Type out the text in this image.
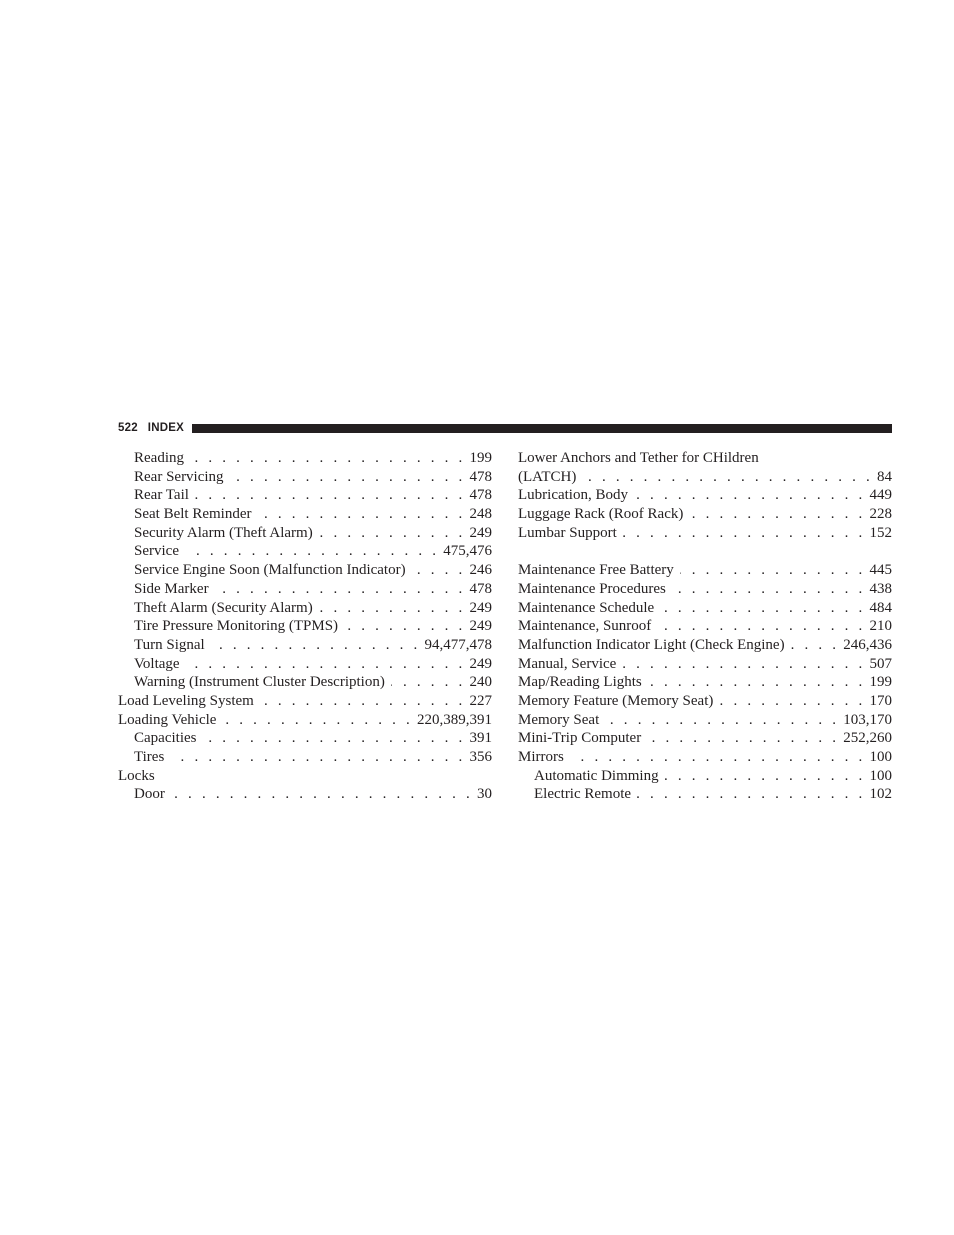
522 INDEX
Reading . . .	199
Rear Servicing . . .	478
Rear Tail . . .	478
Seat Belt Reminder . . .	248
Security Alarm (Theft Alarm) . . .	249
Service . . .	475,476
Service Engine Soon (Malfunction Indicator) . . .	246
Side Marker . . .	478
Theft Alarm (Security Alarm) . . .	249
Tire Pressure Monitoring (TPMS) . . .	249
Turn Signal . . .	94,477,478
Voltage . . .	249
Warning (Instrument Cluster Description) . . .	240
Load Leveling System . . .	227
Loading Vehicle . . .	220,389,391
Capacities . . .	391
Tires . . .	356
Locks
Door . . .	30
Lower Anchors and Tether for CHildren
(LATCH) . . .	84
Lubrication, Body . . .	449
Luggage Rack (Roof Rack) . . .	228
Lumbar Support . . .	152
Maintenance Free Battery . . .	445
Maintenance Procedures . . .	438
Maintenance Schedule . . .	484
Maintenance, Sunroof . . .	210
Malfunction Indicator Light (Check Engine) . . .	246,436
Manual, Service . . .	507
Map/Reading Lights . . .	199
Memory Feature (Memory Seat) . . .	170
Memory Seat . . .	103,170
Mini-Trip Computer . . .	252,260
Mirrors . . .	100
Automatic Dimming . . .	100
Electric Remote . . .	102
